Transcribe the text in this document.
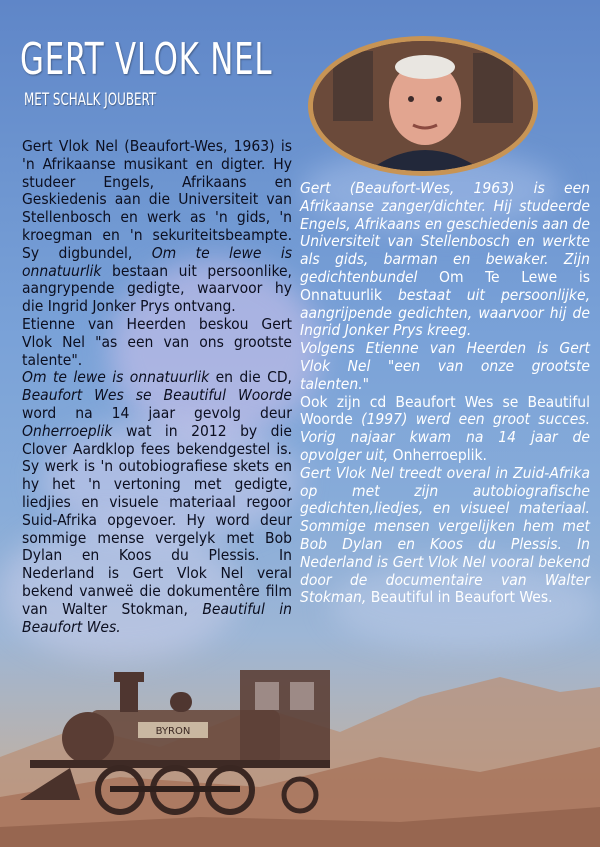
GERT VLOK NEL
MET SCHALK JOUBERT

Gert Vlok Nel (Beaufort-Wes, 1963) is 'n Afrikaanse musikant en digter. Hy studeer Engels, Afrikaans en Geskiedenis aan die Universiteit van Stellenbosch en werk as 'n gids, 'n kroegman en 'n sekuriteitsbeampte. Sy digbundel, Om te lewe is onnatuurlik bestaan uit persoonlike, aangrypende gedigte, waarvoor hy die Ingrid Jonker Prys ontvang.

Etienne van Heerden beskou Gert Vlok Nel "as een van ons grootste talente".

Om te lewe is onnatuurlik en die CD, Beaufort Wes se Beautiful Woorde word na 14 jaar gevolg deur Onherroeplik wat in 2012 by die Clover Aardklop fees bekendgestel is. Sy werk is 'n outobiografiese skets en hy het 'n vertoning met gedigte, liedjies en visuele materiaal regoor Suid-Afrika opgevoer. Hy word deur sommige mense vergelyk met Bob Dylan en Koos du Plessis. In Nederland is Gert Vlok Nel veral bekend vanweë die dokumentêre film van Walter Stokman, Beautiful in Beaufort Wes.

Gert (Beaufort-Wes, 1963) is een Afrikaanse zanger/dichter. Hij studeerde Engels, Afrikaans en geschiedenis aan de Universiteit van Stellenbosch en werkte als gids, barman en bewaker. Zijn gedichtenbundel Om Te Lewe is Onnatuurlik bestaat uit persoonlijke, aangrijpende gedichten, waarvoor hij de Ingrid Jonker Prys kreeg.

Volgens Etienne van Heerden is Gert Vlok Nel "een van onze grootste talenten."

Ook zijn cd Beaufort Wes se Beautiful Woorde (1997) werd een groot succes. Vorig najaar kwam na 14 jaar de opvolger uit, Onherroeplik.

Gert Vlok Nel treedt overal in Zuid-Afrika op met zijn autobiografische gedichten,liedjes, en visueel materiaal. Sommige mensen vergelijken hem met Bob Dylan en Koos du Plessis. In Nederland is Gert Vlok Nel vooral bekend door de documentaire van Walter Stokman, Beautiful in Beaufort Wes.

BYRON
